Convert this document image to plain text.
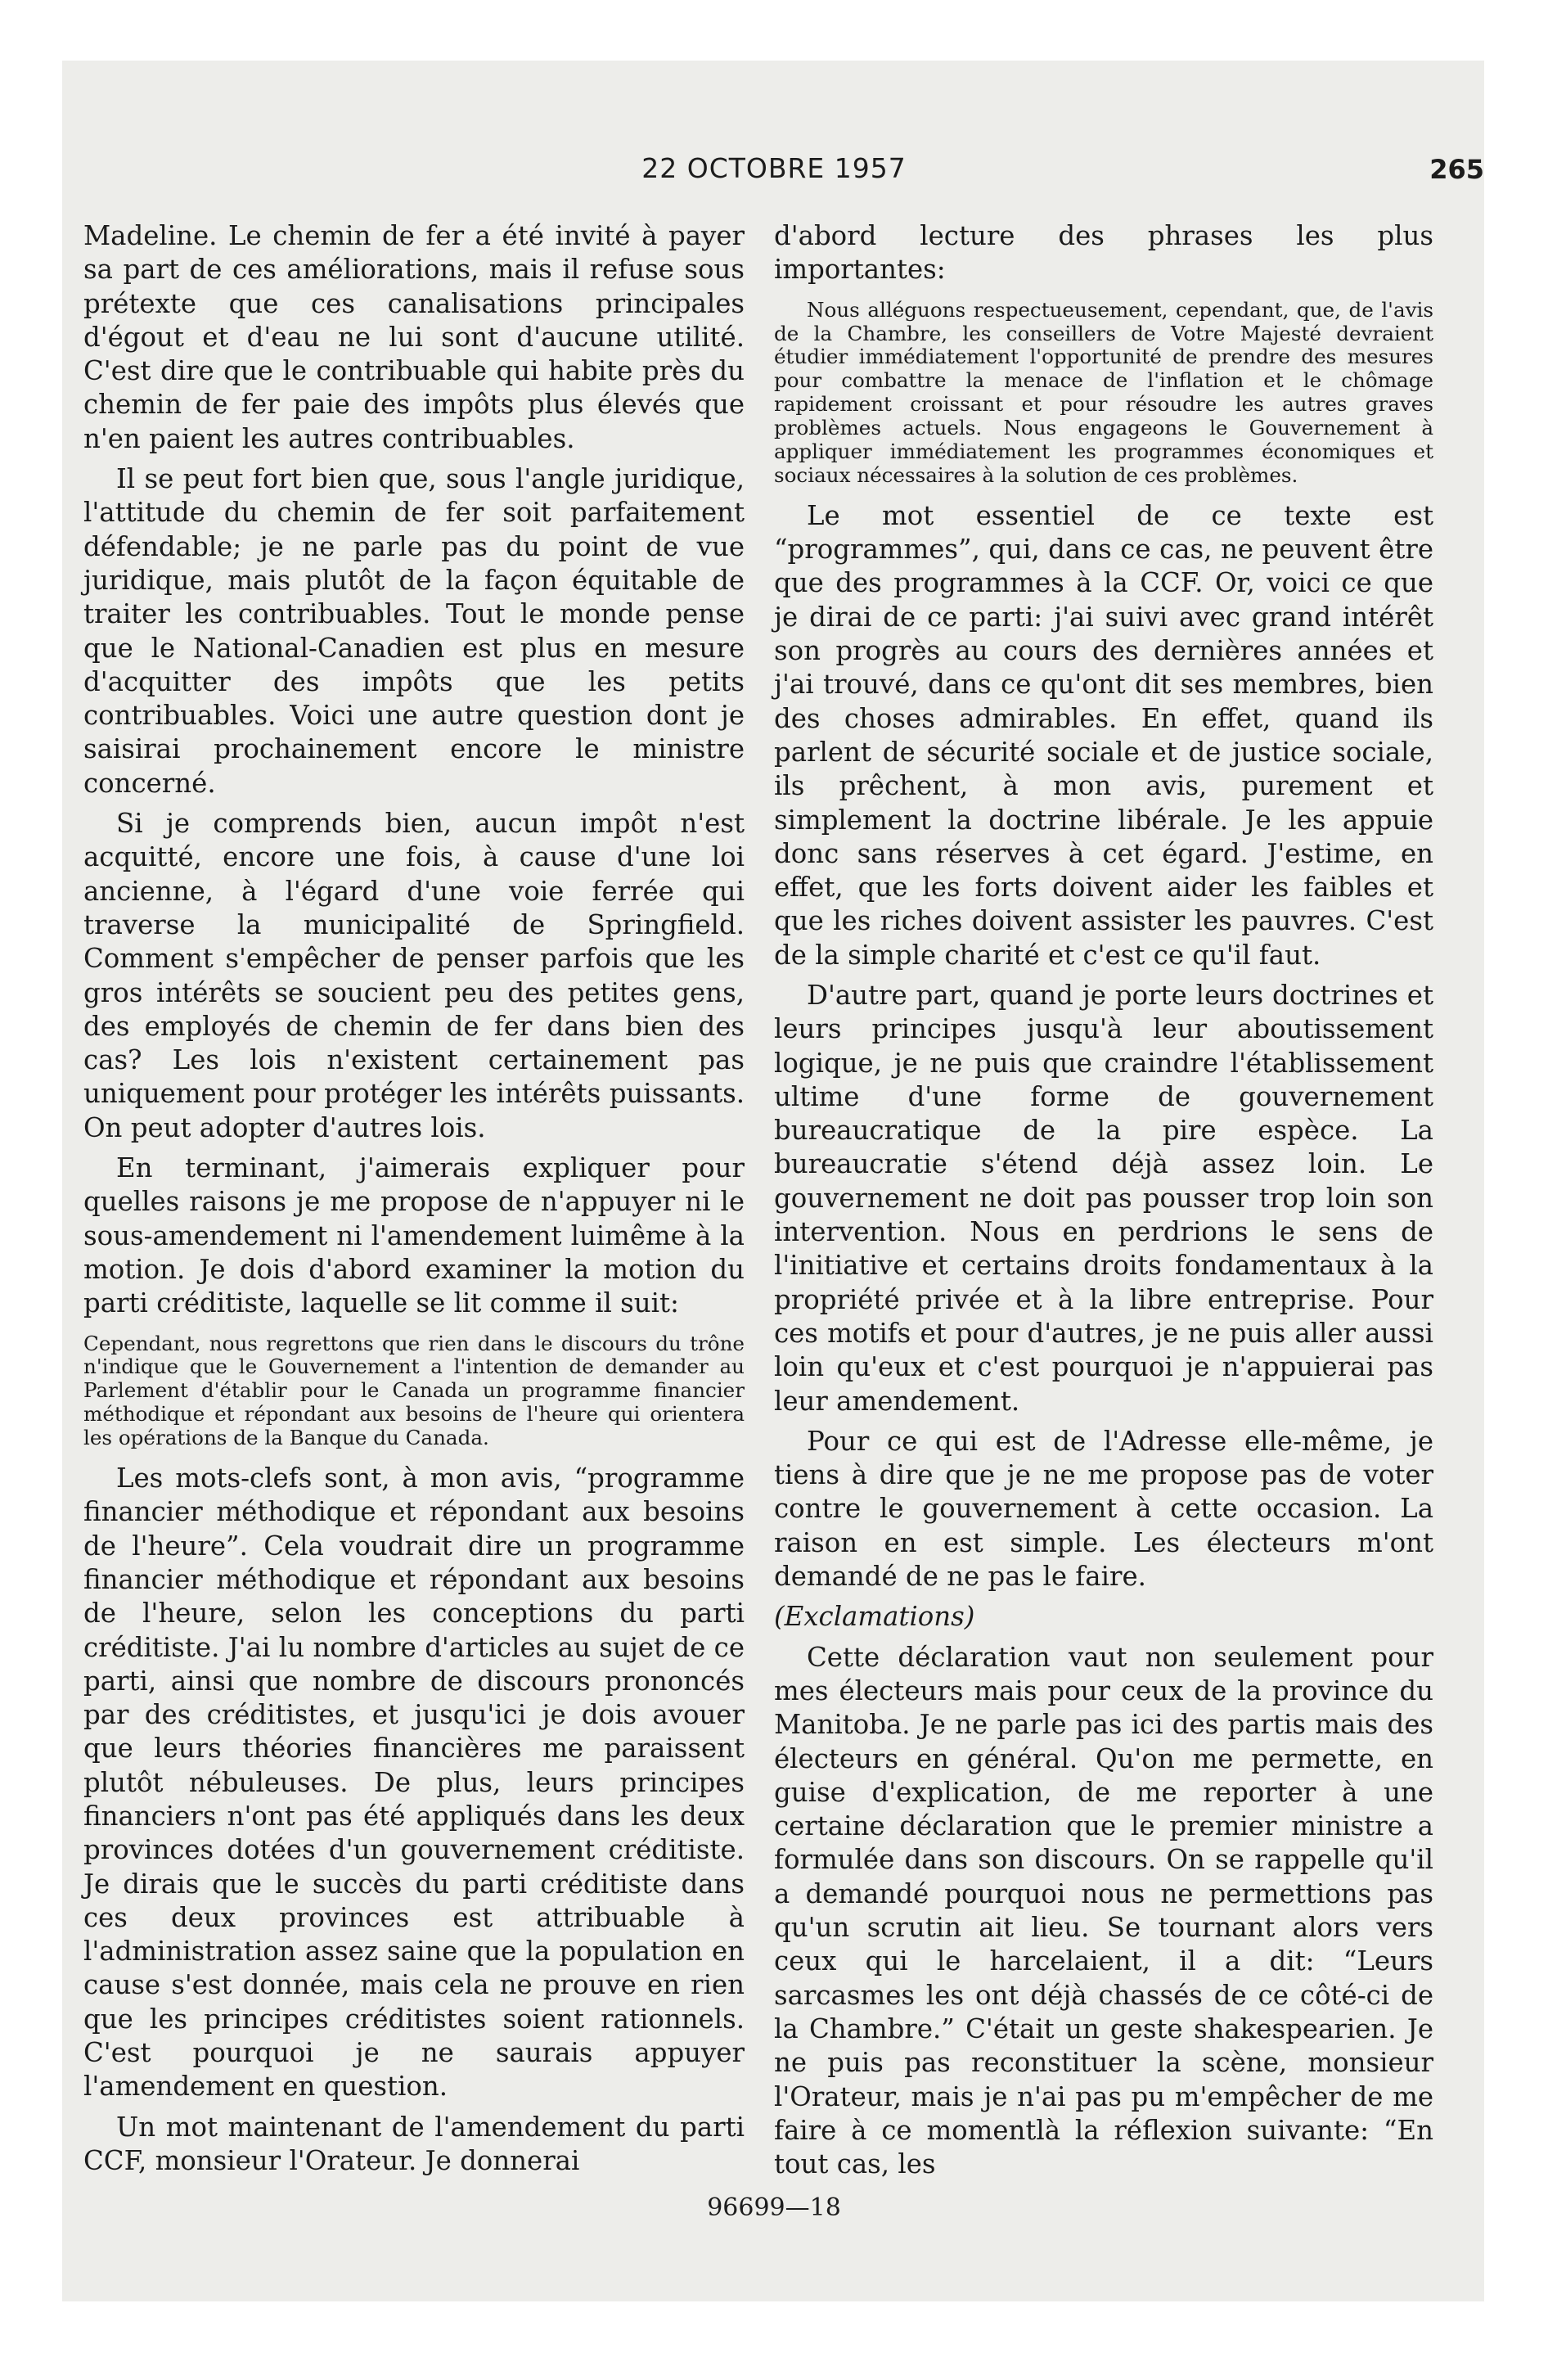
22 OCTOBRE 1957	265

Madeline. Le chemin de fer a été invité à payer sa part de ces améliorations, mais il refuse sous prétexte que ces canalisations principales d'égout et d'eau ne lui sont d'aucune utilité. C'est dire que le contribuable qui habite près du chemin de fer paie des impôts plus élevés que n'en paient les autres contribuables.

Il se peut fort bien que, sous l'angle juridique, l'attitude du chemin de fer soit parfaitement défendable; je ne parle pas du point de vue juridique, mais plutôt de la façon équitable de traiter les contribuables. Tout le monde pense que le National-Canadien est plus en mesure d'acquitter des impôts que les petits contribuables. Voici une autre question dont je saisirai prochainement encore le ministre concerné.

Si je comprends bien, aucun impôt n'est acquitté, encore une fois, à cause d'une loi ancienne, à l'égard d'une voie ferrée qui traverse la municipalité de Springfield. Comment s'empêcher de penser parfois que les gros intérêts se soucient peu des petites gens, des employés de chemin de fer dans bien des cas? Les lois n'existent certainement pas uniquement pour protéger les intérêts puissants. On peut adopter d'autres lois.

En terminant, j'aimerais expliquer pour quelles raisons je me propose de n'appuyer ni le sous-amendement ni l'amendement luimême à la motion. Je dois d'abord examiner la motion du parti créditiste, laquelle se lit comme il suit:

Cependant, nous regrettons que rien dans le discours du trône n'indique que le Gouvernement a l'intention de demander au Parlement d'établir pour le Canada un programme financier méthodique et répondant aux besoins de l'heure qui orientera les opérations de la Banque du Canada.

Les mots-clefs sont, à mon avis, “programme financier méthodique et répondant aux besoins de l'heure”. Cela voudrait dire un programme financier méthodique et répondant aux besoins de l'heure, selon les conceptions du parti créditiste. J'ai lu nombre d'articles au sujet de ce parti, ainsi que nombre de discours prononcés par des créditistes, et jusqu'ici je dois avouer que leurs théories financières me paraissent plutôt nébuleuses. De plus, leurs principes financiers n'ont pas été appliqués dans les deux provinces dotées d'un gouvernement créditiste. Je dirais que le succès du parti créditiste dans ces deux provinces est attribuable à l'administration assez saine que la population en cause s'est donnée, mais cela ne prouve en rien que les principes créditistes soient rationnels. C'est pourquoi je ne saurais appuyer l'amendement en question.

Un mot maintenant de l'amendement du parti CCF, monsieur l'Orateur. Je donnerai

d'abord lecture des phrases les plus importantes:

Nous alléguons respectueusement, cependant, que, de l'avis de la Chambre, les conseillers de Votre Majesté devraient étudier immédiatement l'opportunité de prendre des mesures pour combattre la menace de l'inflation et le chômage rapidement croissant et pour résoudre les autres graves problèmes actuels. Nous engageons le Gouvernement à appliquer immédiatement les programmes économiques et sociaux nécessaires à la solution de ces problèmes.

Le mot essentiel de ce texte est “programmes”, qui, dans ce cas, ne peuvent être que des programmes à la CCF. Or, voici ce que je dirai de ce parti: j'ai suivi avec grand intérêt son progrès au cours des dernières années et j'ai trouvé, dans ce qu'ont dit ses membres, bien des choses admirables. En effet, quand ils parlent de sécurité sociale et de justice sociale, ils prêchent, à mon avis, purement et simplement la doctrine libérale. Je les appuie donc sans réserves à cet égard. J'estime, en effet, que les forts doivent aider les faibles et que les riches doivent assister les pauvres. C'est de la simple charité et c'est ce qu'il faut.

D'autre part, quand je porte leurs doctrines et leurs principes jusqu'à leur aboutissement logique, je ne puis que craindre l'établissement ultime d'une forme de gouvernement bureaucratique de la pire espèce. La bureaucratie s'étend déjà assez loin. Le gouvernement ne doit pas pousser trop loin son intervention. Nous en perdrions le sens de l'initiative et certains droits fondamentaux à la propriété privée et à la libre entreprise. Pour ces motifs et pour d'autres, je ne puis aller aussi loin qu'eux et c'est pourquoi je n'appuierai pas leur amendement.

Pour ce qui est de l'Adresse elle-même, je tiens à dire que je ne me propose pas de voter contre le gouvernement à cette occasion. La raison en est simple. Les électeurs m'ont demandé de ne pas le faire.

(Exclamations)

Cette déclaration vaut non seulement pour mes électeurs mais pour ceux de la province du Manitoba. Je ne parle pas ici des partis mais des électeurs en général. Qu'on me permette, en guise d'explication, de me reporter à une certaine déclaration que le premier ministre a formulée dans son discours. On se rappelle qu'il a demandé pourquoi nous ne permettions pas qu'un scrutin ait lieu. Se tournant alors vers ceux qui le harcelaient, il a dit: “Leurs sarcasmes les ont déjà chassés de ce côté-ci de la Chambre.” C'était un geste shakespearien. Je ne puis pas reconstituer la scène, monsieur l'Orateur, mais je n'ai pas pu m'empêcher de me faire à ce momentlà la réflexion suivante: “En tout cas, les

96699—18
